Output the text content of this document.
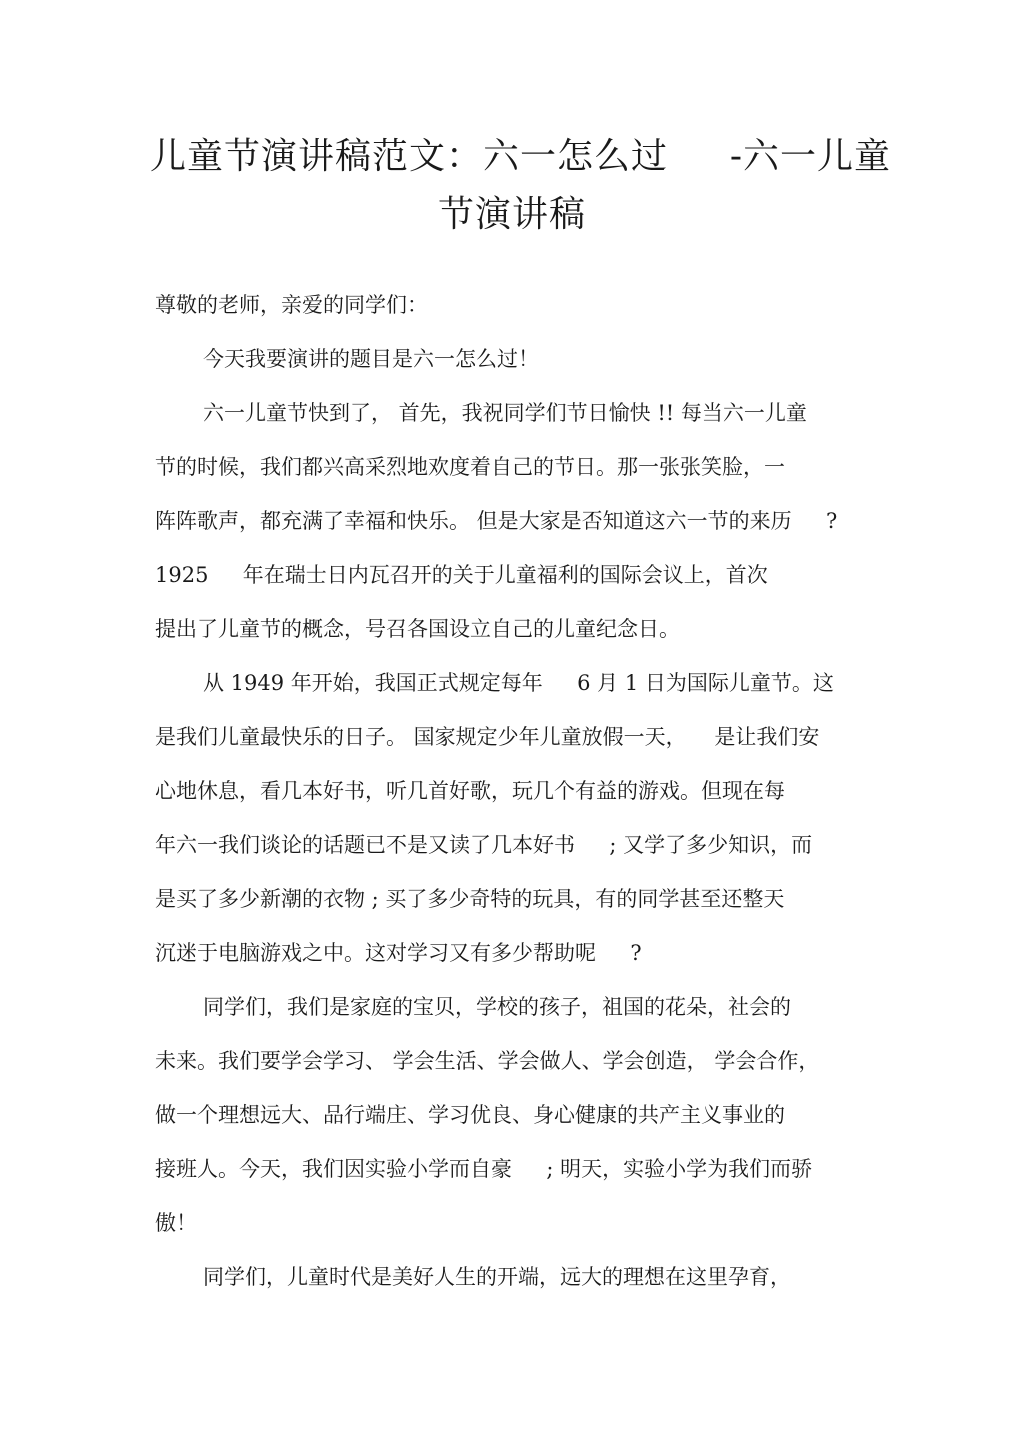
儿童节演讲稿范文：六一怎么过 　 -六一儿童
节演讲稿
尊敬的老师，亲爱的同学们：
今天我要演讲的题目是六一怎么过！
六一儿童节快到了， 首先，我祝同学们节日愉快 !! 每当六一儿童
节的时候，我们都兴高采烈地欢度着自己的节日。那一张张笑脸，一
阵阵歌声，都充满了幸福和快乐。 但是大家是否知道这六一节的来历 　 ?
1925 　 年在瑞士日内瓦召开的关于儿童福利的国际会议上，首次
提出了儿童节的概念，号召各国设立自己的儿童纪念日。
从 1949 年开始，我国正式规定每年 　 6 月 1 日为国际儿童节。这
是我们儿童最快乐的日子。 国家规定少年儿童放假一天， 　是让我们安
心地休息，看几本好书，听几首好歌，玩几个有益的游戏。但现在每
年六一我们谈论的话题已不是又读了几本好书 　 ; 又学了多少知识，而
是买了多少新潮的衣物 ; 买了多少奇特的玩具，有的同学甚至还整天
沉迷于电脑游戏之中。这对学习又有多少帮助呢 　 ?
同学们，我们是家庭的宝贝，学校的孩子，祖国的花朵，社会的
未来。我们要学会学习、 学会生活、学会做人、学会创造， 学会合作，
做一个理想远大、品行端庄、学习优良、身心健康的共产主义事业的
接班人。今天，我们因实验小学而自豪 　 ; 明天，实验小学为我们而骄
傲！
同学们，儿童时代是美好人生的开端，远大的理想在这里孕育，
